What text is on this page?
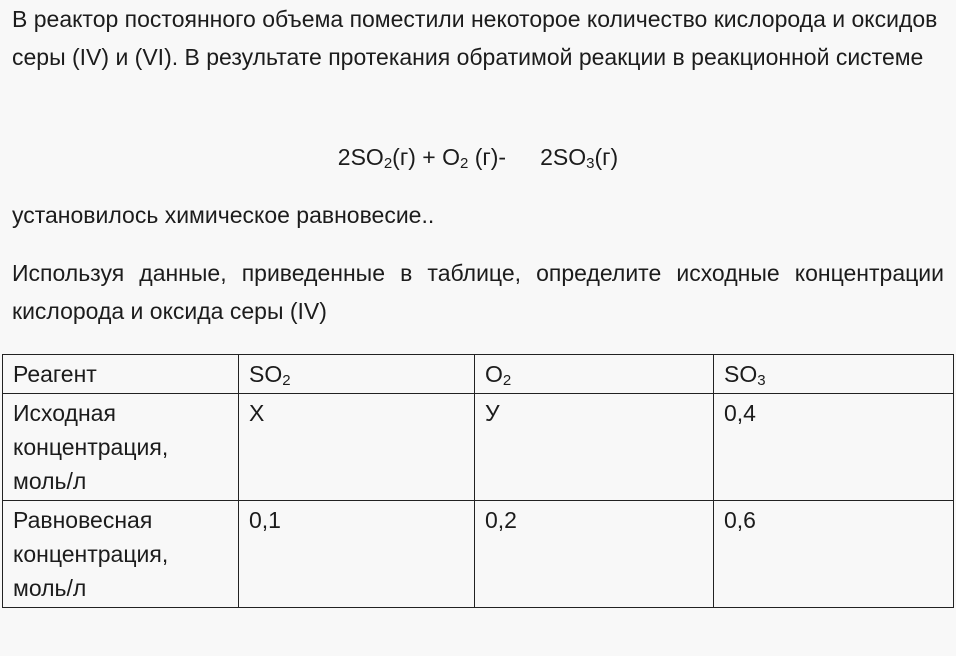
В реактор постоянного объема поместили некоторое количество кислорода и оксидов серы (IV) и (VI). В результате протекания обратимой реакции в реакционной системе

$2SO_2(г) + O_2$ (г)- $2SO_3(г)$

установилось химическое равновесие..

Используя данные, приведенные в таблице, определите исходные концентрации кислорода и оксида серы (IV)

Реагент	$SO_2$	$O_2$	$SO_3$
Исходная концентрация, моль/л	X	У	0,4
Равновесная концентрация, моль/л	0,1	0,2	0,6
